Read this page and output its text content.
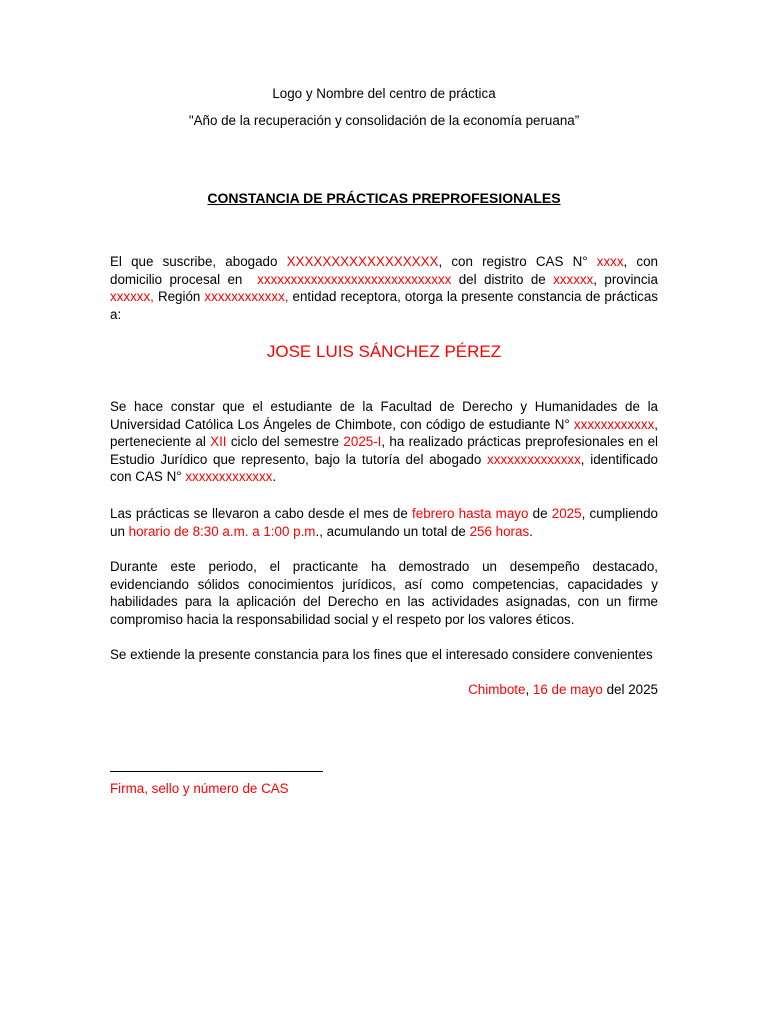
Logo y Nombre del centro de práctica
"Año de la recuperación y consolidación de la economía peruana”
CONSTANCIA DE PRÁCTICAS PREPROFESIONALES
El que suscribe, abogado XXXXXXXXXXXXXXXXX, con registro CAS N° xxxx, con domicilio procesal en  xxxxxxxxxxxxxxxxxxxxxxxxxxxxx del distrito de xxxxxx, provincia xxxxxx, Región xxxxxxxxxxxx, entidad receptora, otorga la presente constancia de prácticas a:
JOSE LUIS SÁNCHEZ PÉREZ
Se hace constar que el estudiante de la Facultad de Derecho y Humanidades de la Universidad Católica Los Ángeles de Chimbote, con código de estudiante N° xxxxxxxxxxxx, perteneciente al XII ciclo del semestre 2025-I, ha realizado prácticas preprofesionales en el Estudio Jurídico que represento, bajo la tutoría del abogado xxxxxxxxxxxxxx, identificado con CAS N° xxxxxxxxxxxxx.
Las prácticas se llevaron a cabo desde el mes de febrero hasta mayo de 2025, cumpliendo un horario de 8:30 a.m. a 1:00 p.m., acumulando un total de 256 horas.
Durante este periodo, el practicante ha demostrado un desempeño destacado, evidenciando sólidos conocimientos jurídicos, así como competencias, capacidades y habilidades para la aplicación del Derecho en las actividades asignadas, con un firme compromiso hacia la responsabilidad social y el respeto por los valores éticos.
Se extiende la presente constancia para los fines que el interesado considere convenientes
Chimbote, 16 de mayo del 2025
Firma, sello y número de CAS
